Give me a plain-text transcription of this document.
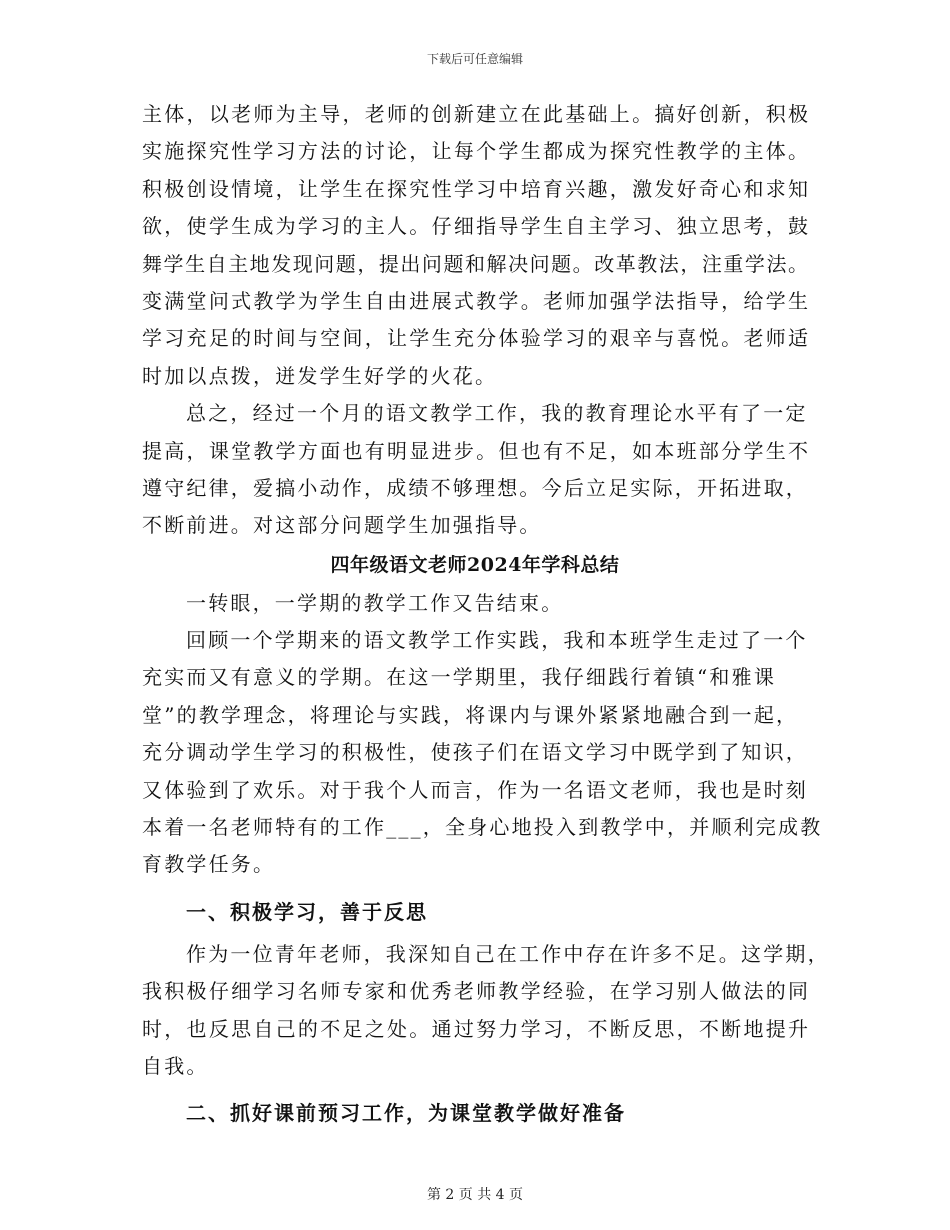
下载后可任意编辑
主体，以老师为主导，老师的创新建立在此基础上。搞好创新，积极
实施探究性学习方法的讨论，让每个学生都成为探究性教学的主体。
积极创设情境，让学生在探究性学习中培育兴趣，激发好奇心和求知
欲，使学生成为学习的主人。仔细指导学生自主学习、独立思考，鼓
舞学生自主地发现问题，提出问题和解决问题。改革教法，注重学法。
变满堂问式教学为学生自由进展式教学。老师加强学法指导，给学生
学习充足的时间与空间，让学生充分体验学习的艰辛与喜悦。老师适
时加以点拨，迸发学生好学的火花。
总之，经过一个月的语文教学工作，我的教育理论水平有了一定
提高，课堂教学方面也有明显进步。但也有不足，如本班部分学生不
遵守纪律，爱搞小动作，成绩不够理想。今后立足实际，开拓进取，
不断前进。对这部分问题学生加强指导。
四年级语文老师2024年学科总结
一转眼，一学期的教学工作又告结束。
回顾一个学期来的语文教学工作实践，我和本班学生走过了一个
充实而又有意义的学期。在这一学期里，我仔细践行着镇“和雅课
堂”的教学理念，将理论与实践，将课内与课外紧紧地融合到一起，
充分调动学生学习的积极性，使孩子们在语文学习中既学到了知识，
又体验到了欢乐。对于我个人而言，作为一名语文老师，我也是时刻
本着一名老师特有的工作___，全身心地投入到教学中，并顺利完成教
育教学任务。
一、积极学习，善于反思
作为一位青年老师，我深知自己在工作中存在许多不足。这学期，
我积极仔细学习名师专家和优秀老师教学经验，在学习别人做法的同
时，也反思自己的不足之处。通过努力学习，不断反思，不断地提升
自我。
二、抓好课前预习工作，为课堂教学做好准备
第 2 页 共 4 页
